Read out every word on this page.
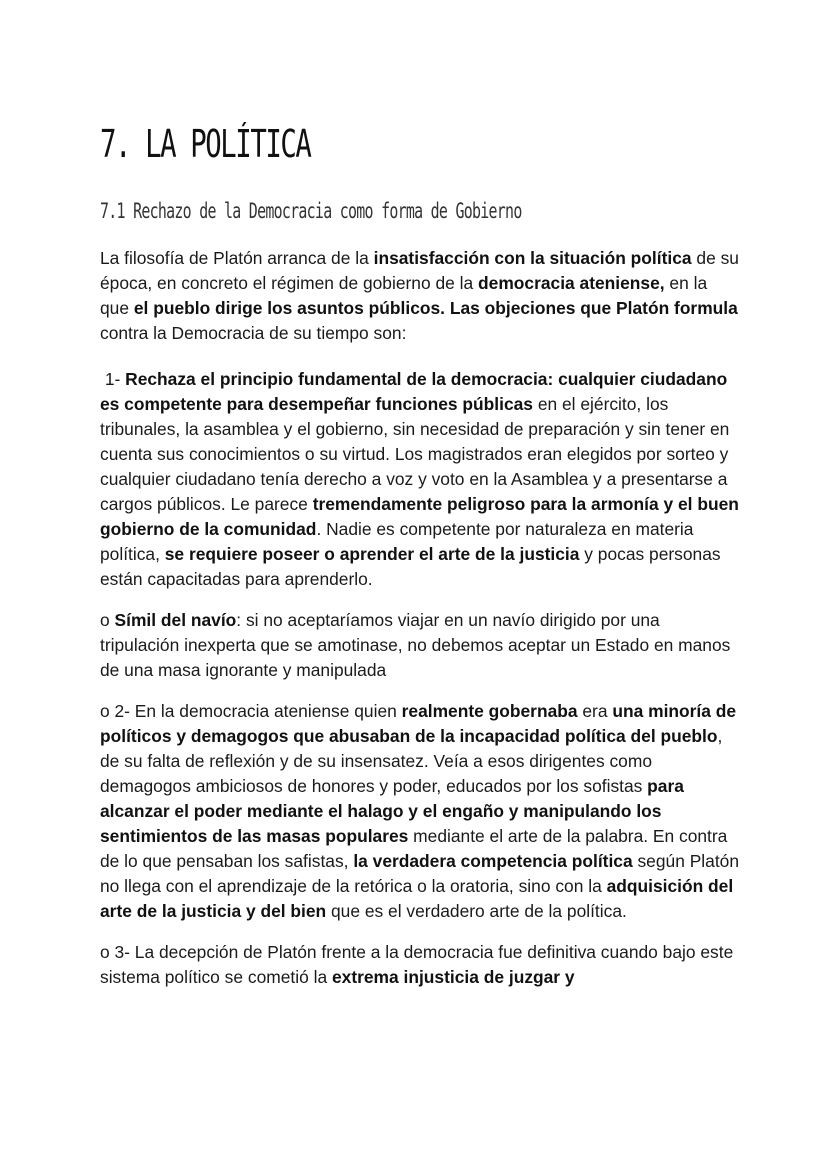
7. LA POLÍTICA
7.1 Rechazo de la Democracia como forma de Gobierno

La filosofía de Platón arranca de la insatisfacción con la situación política de su época, en concreto el régimen de gobierno de la democracia ateniense, en la que el pueblo dirige los asuntos públicos. Las objeciones que Platón formula contra la Democracia de su tiempo son:

1- Rechaza el principio fundamental de la democracia: cualquier ciudadano es competente para desempeñar funciones públicas en el ejército, los tribunales, la asamblea y el gobierno, sin necesidad de preparación y sin tener en cuenta sus conocimientos o su virtud. Los magistrados eran elegidos por sorteo y cualquier ciudadano tenía derecho a voz y voto en la Asamblea y a presentarse a cargos públicos. Le parece tremendamente peligroso para la armonía y el buen gobierno de la comunidad. Nadie es competente por naturaleza en materia política, se requiere poseer o aprender el arte de la justicia y pocas personas están capacitadas para aprenderlo.

o Símil del navío: si no aceptaríamos viajar en un navío dirigido por una tripulación inexperta que se amotinase, no debemos aceptar un Estado en manos de una masa ignorante y manipulada

o 2- En la democracia ateniense quien realmente gobernaba era una minoría de políticos y demagogos que abusaban de la incapacidad política del pueblo, de su falta de reflexión y de su insensatez. Veía a esos dirigentes como demagogos ambiciosos de honores y poder, educados por los sofistas para alcanzar el poder mediante el halago y el engaño y manipulando los sentimientos de las masas populares mediante el arte de la palabra. En contra de lo que pensaban los safistas, la verdadera competencia política según Platón no llega con el aprendizaje de la retórica o la oratoria, sino con la adquisición del arte de la justicia y del bien que es el verdadero arte de la política.

o 3- La decepción de Platón frente a la democracia fue definitiva cuando bajo este sistema político se cometió la extrema injusticia de juzgar y
